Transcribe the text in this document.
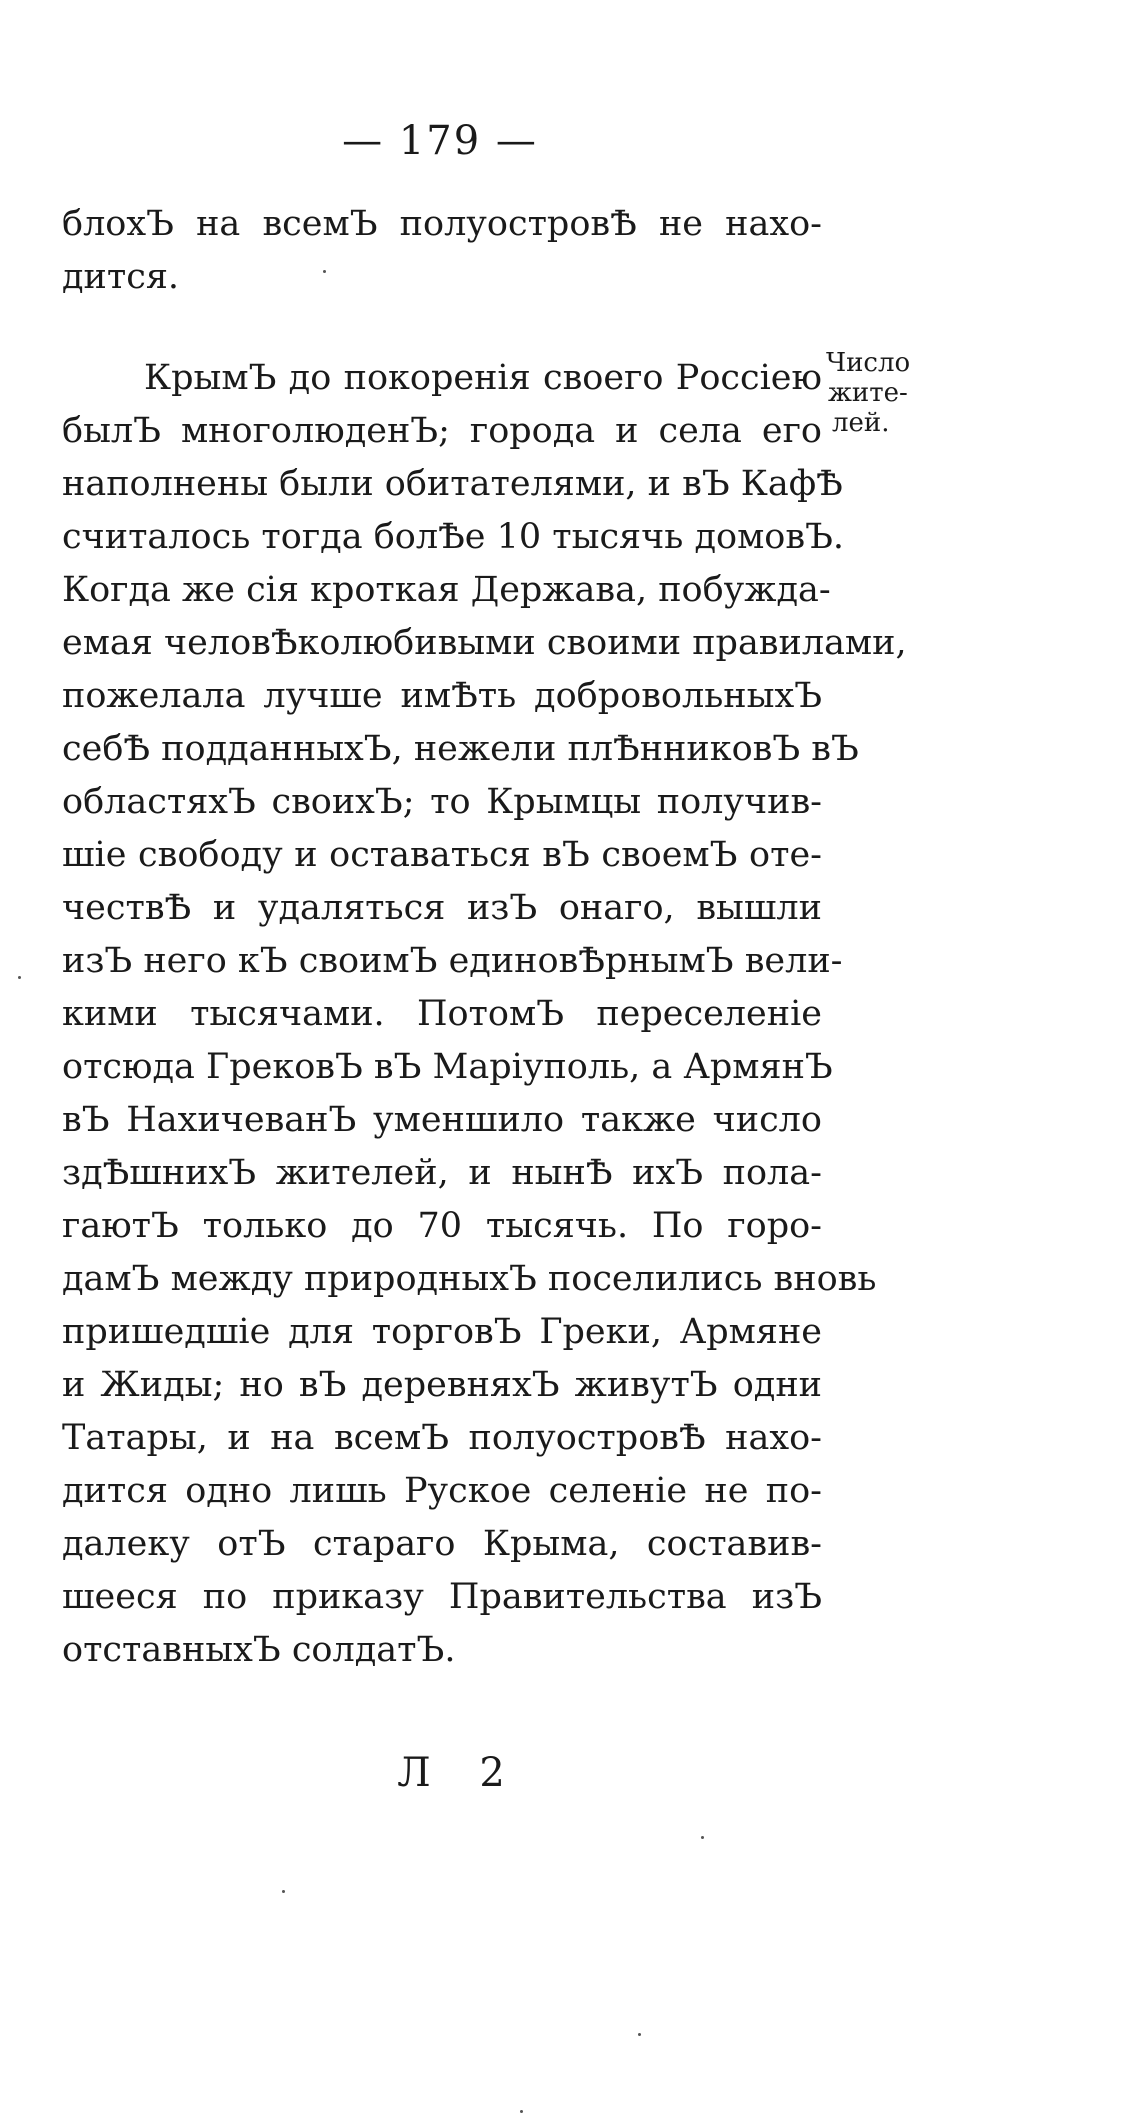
— 179 —
блохЪ на всемЪ полуостровѢ не нахо-
дится.
КрымЪ до покоренія своего Россіею
былЪ многолюденЪ; города и села его
наполнены были обитателями, и вЪ КафѢ
считалось тогда болѢе 10 тысячь домовЪ.
Когда же сія кроткая Держава, побужда-
емая человѢколюбивыми своими правилами,
пожелала лучше имѢть добровольныхЪ
себѢ подданныхЪ, нежели плѢнниковЪ вЪ
областяхЪ своихЪ; то Крымцы получив-
шіе свободу и оставаться вЪ своемЪ оте-
чествѢ и удаляться изЪ онаго, вышли
изЪ него кЪ своимЪ единовѢрнымЪ вели-
кими тысячами. ПотомЪ переселеніе
отсюда ГрековЪ вЪ Маріуполь, а АрмянЪ
вЪ НахичеванЪ уменшило также число
здѢшнихЪ жителей, и нынѢ ихЪ пола-
гаютЪ только до 70 тысячь. По горо-
дамЪ между природныхЪ поселились вновь
пришедшіе для торговЪ Греки, Армяне
и Жиды; но вЪ деревняхЪ живутЪ одни
Татары, и на всемЪ полуостровѢ нахо-
дится одно лишь Руское селеніе не по-
далеку отЪ стараго Крыма, составив-
шееся по приказу Правительства изЪ
отставныхЪ солдатЪ.
Число
жите-
лей.
Л 2
